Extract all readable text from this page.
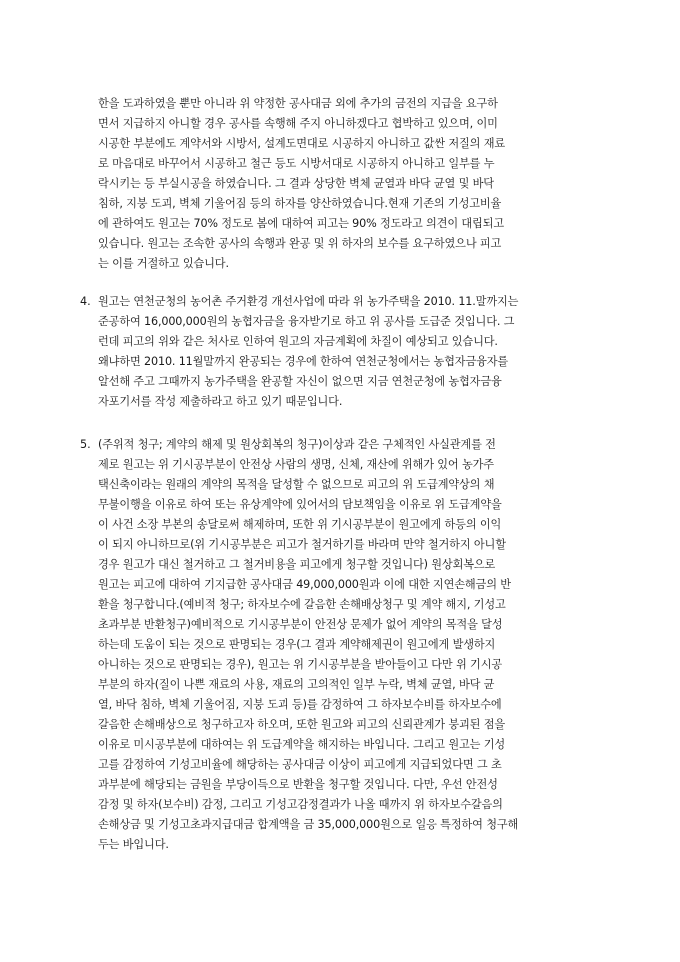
한을 도과하였을 뿐만 아니라 위 약정한 공사대금 외에 추가의 금전의 지급을 요구하
면서 지급하지 아니할 경우 공사를 속행해 주지 아니하겠다고 협박하고 있으며, 이미
시공한 부분에도 계약서와 시방서, 설계도면대로 시공하지 아니하고 값싼 저질의 재료
로 마음대로 바꾸어서 시공하고 철근 등도 시방서대로 시공하지 아니하고 일부를 누
락시키는 등 부실시공을 하였습니다. 그 결과 상당한 벽체 균열과 바닥 균열 및 바닥
침하, 지붕 도괴, 벽체 기울어짐 등의 하자를 양산하였습니다.현재 기존의 기성고비율
에 관하여도 원고는 70% 정도로 봄에 대하여 피고는 90% 정도라고 의견이 대립되고
있습니다. 원고는 조속한 공사의 속행과 완공 및 위 하자의 보수를 요구하였으나 피고
는 이를 거절하고 있습니다.
4. 원고는 연천군청의 농어촌 주거환경 개선사업에 따라 위 농가주택을 2010. 11.말까지는
준공하여 16,000,000원의 농협자금을 융자받기로 하고 위 공사를 도급준 것입니다. 그
런데 피고의 위와 같은 처사로 인하여 원고의 자금계획에 차질이 예상되고 있습니다.
왜냐하면 2010. 11월말까지 완공되는 경우에 한하여 연천군청에서는 농협자금융자를
알선해 주고 그때까지 농가주택을 완공할 자신이 없으면 지금 연천군청에 농협자금융
자포기서를 작성 제출하라고 하고 있기 때문입니다.
5. (주위적 청구; 계약의 해제 및 원상회복의 청구)이상과 같은 구체적인 사실관계를 전
제로 원고는 위 기시공부분이 안전상 사람의 생명, 신체, 재산에 위해가 있어 농가주
택신축이라는 원래의 계약의 목적을 달성할 수 없으므로 피고의 위 도급계약상의 채
무불이행을 이유로 하여 또는 유상계약에 있어서의 담보책임을 이유로 위 도급계약을
이 사건 소장 부본의 송달로써 해제하며, 또한 위 기시공부분이 원고에게 하등의 이익
이 되지 아니하므로(위 기시공부분은 피고가 철거하기를 바라며 만약 철거하지 아니할
경우 원고가 대신 철거하고 그 철거비용을 피고에게 청구할 것입니다) 원상회복으로
원고는 피고에 대하여 기지급한 공사대금 49,000,000원과 이에 대한 지연손해금의 반
환을 청구합니다.(예비적 청구; 하자보수에 갈음한 손해배상청구 및 계약 해지, 기성고
초과부분 반환청구)예비적으로 기시공부분이 안전상 문제가 없어 계약의 목적을 달성
하는데 도움이 되는 것으로 판명되는 경우(그 결과 계약해제권이 원고에게 발생하지
아니하는 것으로 판명되는 경우), 원고는 위 기시공부분을 받아들이고 다만 위 기시공
부분의 하자(질이 나쁜 재료의 사용, 재료의 고의적인 일부 누락, 벽체 균열, 바닥 균
열, 바닥 침하, 벽체 기울어짐, 지붕 도괴 등)를 감정하여 그 하자보수비를 하자보수에
갈음한 손해배상으로 청구하고자 하오며, 또한 원고와 피고의 신뢰관계가 붕괴된 점을
이유로 미시공부분에 대하여는 위 도급계약을 해지하는 바입니다. 그리고 원고는 기성
고를 감정하여 기성고비율에 해당하는 공사대금 이상이 피고에게 지급되었다면 그 초
과부분에 해당되는 금원을 부당이득으로 반환을 청구할 것입니다. 다만, 우선 안전성
감정 및 하자(보수비) 감정, 그리고 기성고감정결과가 나올 때까지 위 하자보수갈음의
손해상금 및 기성고초과지급대금 합계액을 금 35,000,000원으로 일응 특정하여 청구해
두는 바입니다.
